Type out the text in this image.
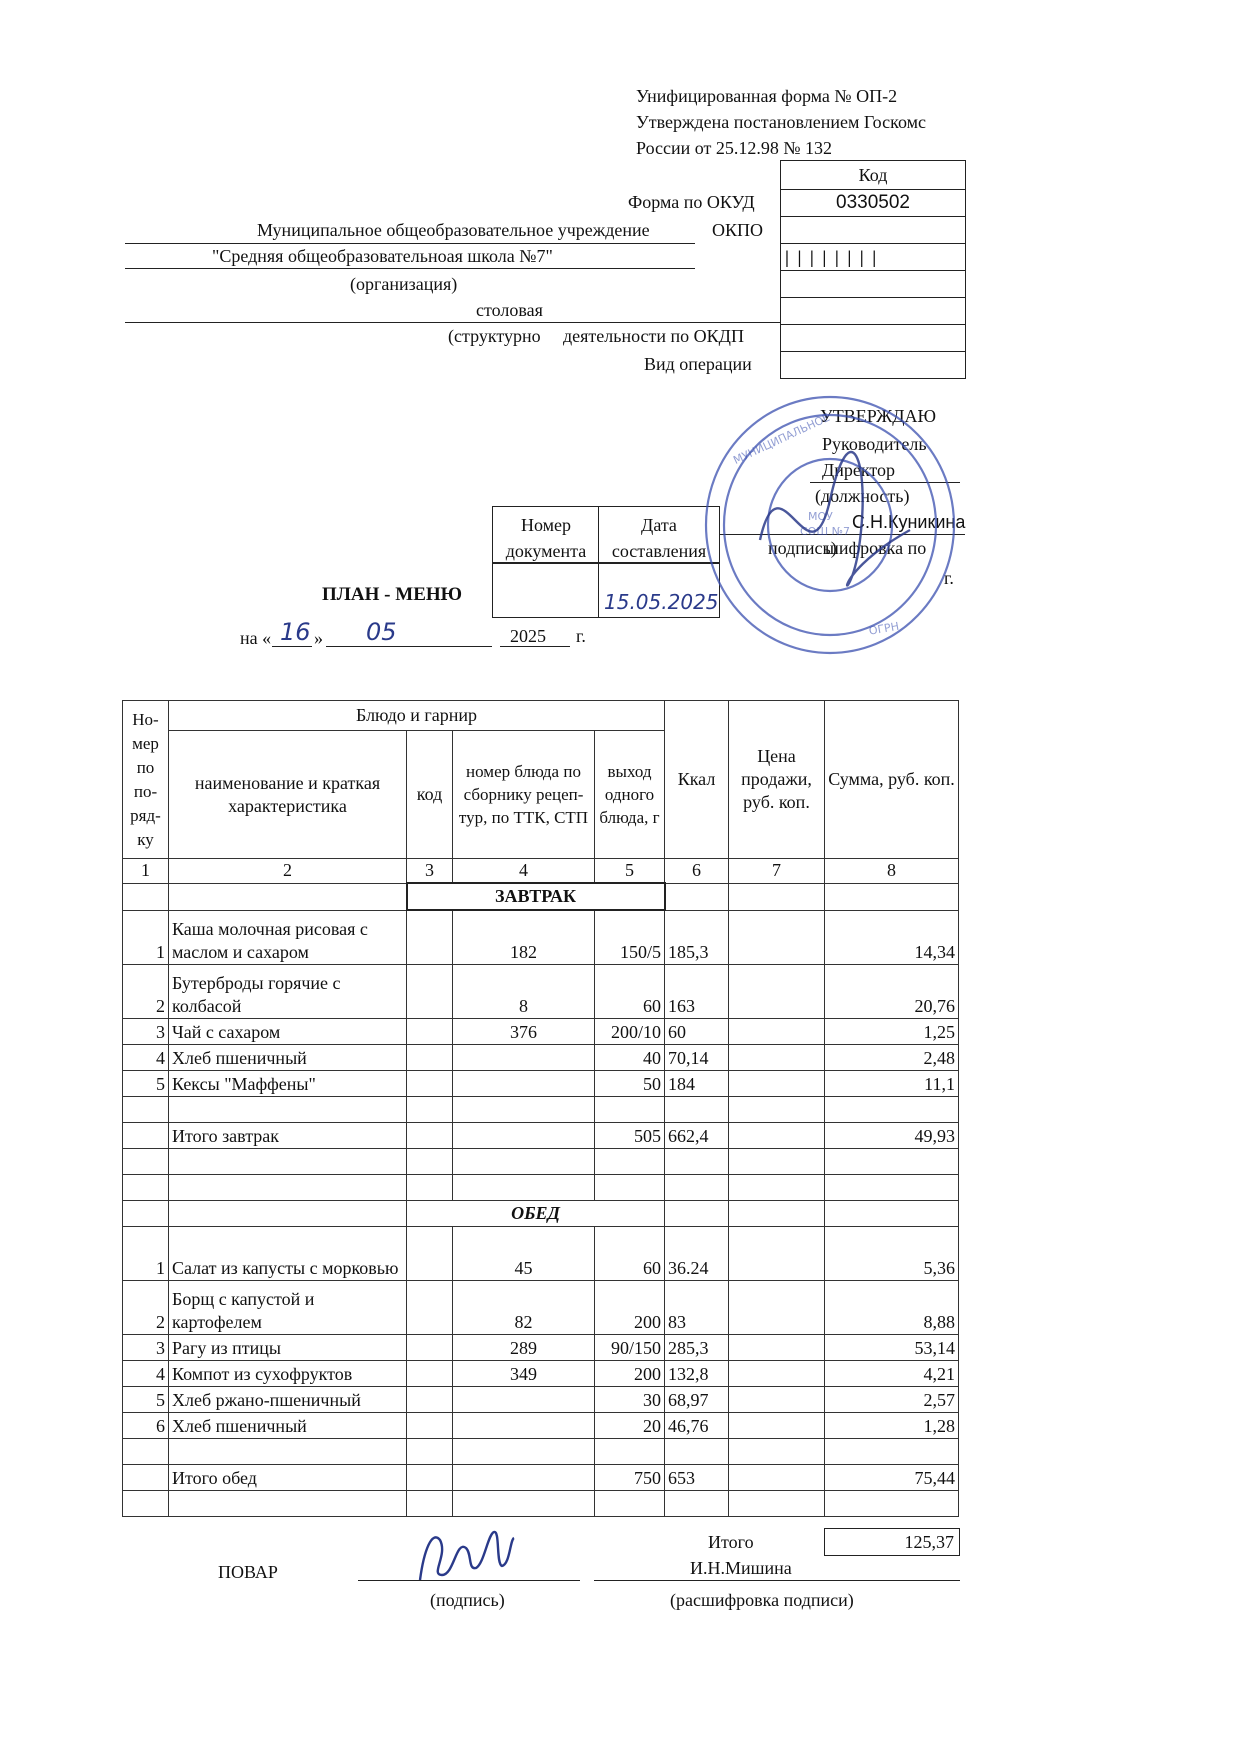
Унифицированная форма № ОП-2
Утверждена постановлением Госкомс
России от 25.12.98 № 132
Код
0330502

| | | | | | | |

Форма по ОКУД
Муниципальное общеобразовательное учреждение	ОКПО
"Средняя общеобразовательноая школа №7"
(организация)
столовая
(структурно деятельности по ОКДП
Вид операции
УТВЕРЖДАЮ
Руководитель
Директор
(должность)
С.Н.Куникина
подпись)
шифровка по
г.
Номер документа
Дата составления
15.05.2025
ПЛАН - МЕНЮ
на « 16 » 05	2025 г.
МУНИЦИПАЛЬНОЕ
ОГРН
МОУ
СОШ №7
Но-мер по по-ряд-ку	Блюдо и гарнир				Ккал	Цена продажи, руб. коп.	Сумма, руб. коп.
	наименование и краткая характеристика	код	номер блюда по сборнику рецеп-тур, по ТТК, СТП	выход одного блюда, г			
1	2	3	4	5	6	7	8
		ЗАВТРАК					
1	Каша молочная рисовая с маслом и сахаром		182	150/5	185,3		14,34
2	Бутерброды горячие с колбасой		8	60	163		20,76
3	Чай с сахаром		376	200/10	60		1,25
4	Хлеб пшеничный			40	70,14		2,48
5	Кексы "Маффены"			50	184		11,1

	Итого завтрак			505	662,4		49,93

		ОБЕД					
1	Салат из капусты с морковью		45	60	36.24		5,36
2	Борщ с капустой и картофелем		82	200	83		8,88
3	Рагу из птицы		289	90/150	285,3		53,14
4	Компот из сухофруктов		349	200	132,8		4,21
5	Хлеб ржано-пшеничный			30	68,97		2,57
6	Хлеб пшеничный			20	46,76		1,28

	Итого обед			750	653		75,44

Итого	125,37
ПОВАР	И.Н.Мишина
(подпись)	(расшифровка подписи)
